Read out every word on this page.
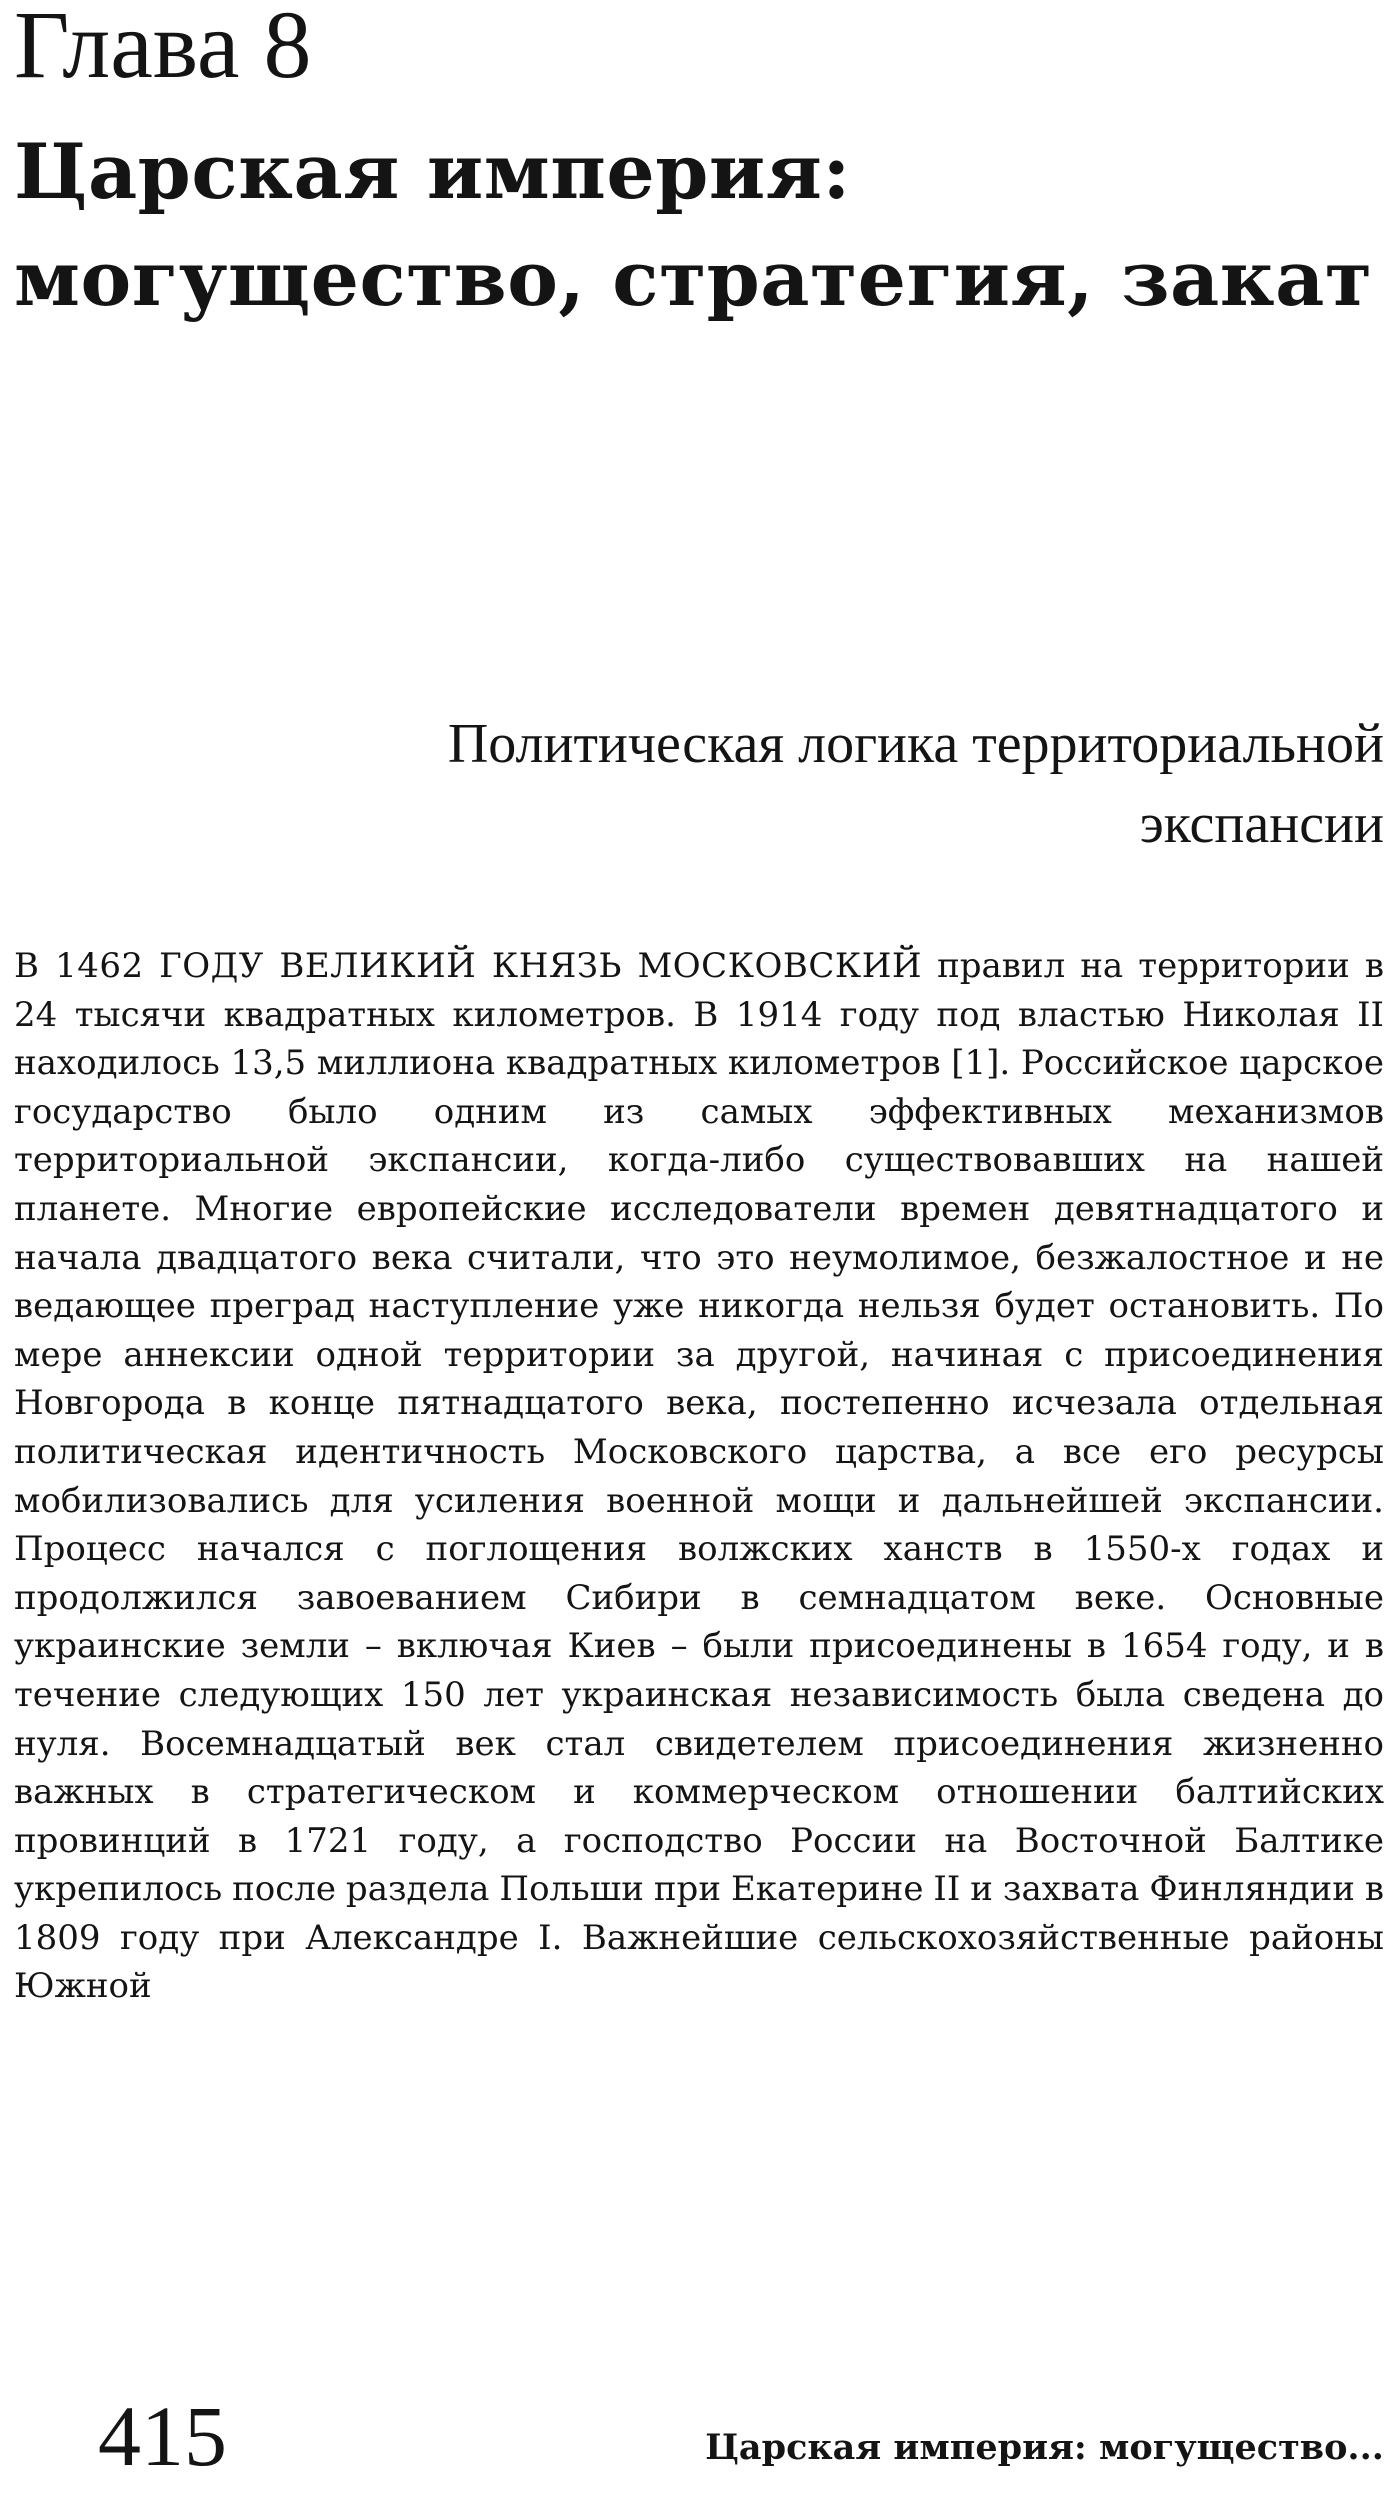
Глава 8
Царская империя: могущество, стратегия, закат
Политическая логика территориальной экспансии

В 1462 ГОДУ ВЕЛИКИЙ КНЯЗЬ МОСКОВСКИЙ правил на территории в 24 тысячи квадратных километров. В 1914 году под властью Николая II находилось 13,5 миллиона квадратных километров [1]. Российское царское государство было одним из самых эффективных механизмов территориальной экспансии, когда-либо существовавших на нашей планете. Многие европейские исследователи времен девятнадцатого и начала двадцатого века считали, что это неумолимое, безжалостное и не ведающее преград наступление уже никогда нельзя будет остановить. По мере аннексии одной территории за другой, начиная с присоединения Новгорода в конце пятнадцатого века, постепенно исчезала отдельная политическая идентичность Московского царства, а все его ресурсы мобилизовались для усиления военной мощи и дальнейшей экспансии. Процесс начался с поглощения волжских ханств в 1550-х годах и продолжился завоеванием Сибири в семнадцатом веке. Основные украинские земли – включая Киев – были присоединены в 1654 году, и в течение следующих 150 лет украинская независимость была сведена до нуля. Восемнадцатый век стал свидетелем присоединения жизненно важных в стратегическом и коммерческом отношении балтийских провинций в 1721 году, а господство России на Восточной Балтике укрепилось после раздела Польши при Екатерине II и захвата Финляндии в 1809 году при Александре I. Важнейшие сельскохозяйственные районы Южной

415	Царская империя: могущество...
